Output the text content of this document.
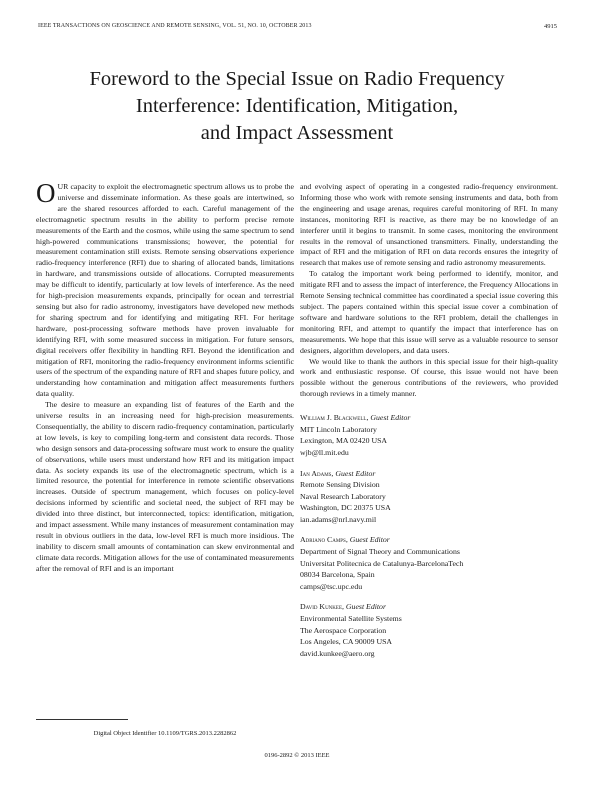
IEEE TRANSACTIONS ON GEOSCIENCE AND REMOTE SENSING, VOL. 51, NO. 10, OCTOBER 2013	4915
Foreword to the Special Issue on Radio Frequency
Interference: Identification, Mitigation,
and Impact Assessment

OUR capacity to exploit the electromagnetic spectrum allows us to probe the universe and disseminate information. As these goals are intertwined, so are the shared resources afforded to each. Careful management of the electromagnetic spectrum results in the ability to perform precise remote measurements of the Earth and the cosmos, while using the same spectrum to send high-powered communications transmissions; however, the potential for measurement contamination still exists. Remote sensing observations experience radio-frequency interference (RFI) due to sharing of allocated bands, limitations in hardware, and transmissions outside of allocations. Corrupted measurements may be difficult to identify, particularly at low levels of interference. As the need for high-precision measurements expands, principally for ocean and terrestrial sensing but also for radio astronomy, investigators have developed new methods for sharing spectrum and for identifying and mitigating RFI. For heritage hardware, post-processing software methods have proven invaluable for identifying RFI, with some measured success in mitigation. For future sensors, digital receivers offer flexibility in handling RFI. Beyond the identification and mitigation of RFI, monitoring the radio-frequency environment informs scientific users of the spectrum of the expanding nature of RFI and shapes future policy, and understanding how contamination and mitigation affect measurements furthers data quality.

The desire to measure an expanding list of features of the Earth and the universe results in an increasing need for high-precision measurements. Consequentially, the ability to discern radio-frequency contamination, particularly at low levels, is key to compiling long-term and consistent data records. Those who design sensors and data-processing software must work to ensure the quality of observations, while users must understand how RFI and its mitigation impact data. As society expands its use of the electromagnetic spectrum, which is a limited resource, the potential for interference in remote scientific observations increases. Outside of spectrum management, which focuses on policy-level decisions informed by scientific and societal need, the subject of RFI may be divided into three distinct, but interconnected, topics: identification, mitigation, and impact assessment. While many instances of measurement contamination may result in obvious outliers in the data, low-level RFI is much more insidious. The inability to discern small amounts of contamination can skew environmental and climate data records. Mitigation allows for the use of contaminated measurements after the removal of RFI and is an important

and evolving aspect of operating in a congested radio-frequency environment. Informing those who work with remote sensing instruments and data, both from the engineering and usage arenas, requires careful monitoring of RFI. In many instances, monitoring RFI is reactive, as there may be no knowledge of an interferer until it begins to transmit. In some cases, monitoring the environment results in the removal of unsanctioned transmitters. Finally, understanding the impact of RFI and the mitigation of RFI on data records ensures the integrity of research that makes use of remote sensing and radio astronomy measurements.

To catalog the important work being performed to identify, monitor, and mitigate RFI and to assess the impact of interference, the Frequency Allocations in Remote Sensing technical committee has coordinated a special issue covering this subject. The papers contained within this special issue cover a combination of software and hardware solutions to the RFI problem, detail the challenges in monitoring RFI, and attempt to quantify the impact that interference has on measurements. We hope that this issue will serve as a valuable resource to sensor designers, algorithm developers, and data users.

We would like to thank the authors in this special issue for their high-quality work and enthusiastic response. Of course, this issue would not have been possible without the generous contributions of the reviewers, who provided thorough reviews in a timely manner.

William J. Blackwell, Guest Editor
MIT Lincoln Laboratory
Lexington, MA 02420 USA
wjb@ll.mit.edu
Ian Adams, Guest Editor
Remote Sensing Division
Naval Research Laboratory
Washington, DC 20375 USA
ian.adams@nrl.navy.mil
Adriano Camps, Guest Editor
Department of Signal Theory and Communications
Universitat Politecnica de Catalunya-BarcelonaTech
08034 Barcelona, Spain
camps@tsc.upc.edu
David Kunkee, Guest Editor
Environmental Satellite Systems
The Aerospace Corporation
Los Angeles, CA 90009 USA
david.kunkee@aero.org
Digital Object Identifier 10.1109/TGRS.2013.2282862
0196-2892 © 2013 IEEE
